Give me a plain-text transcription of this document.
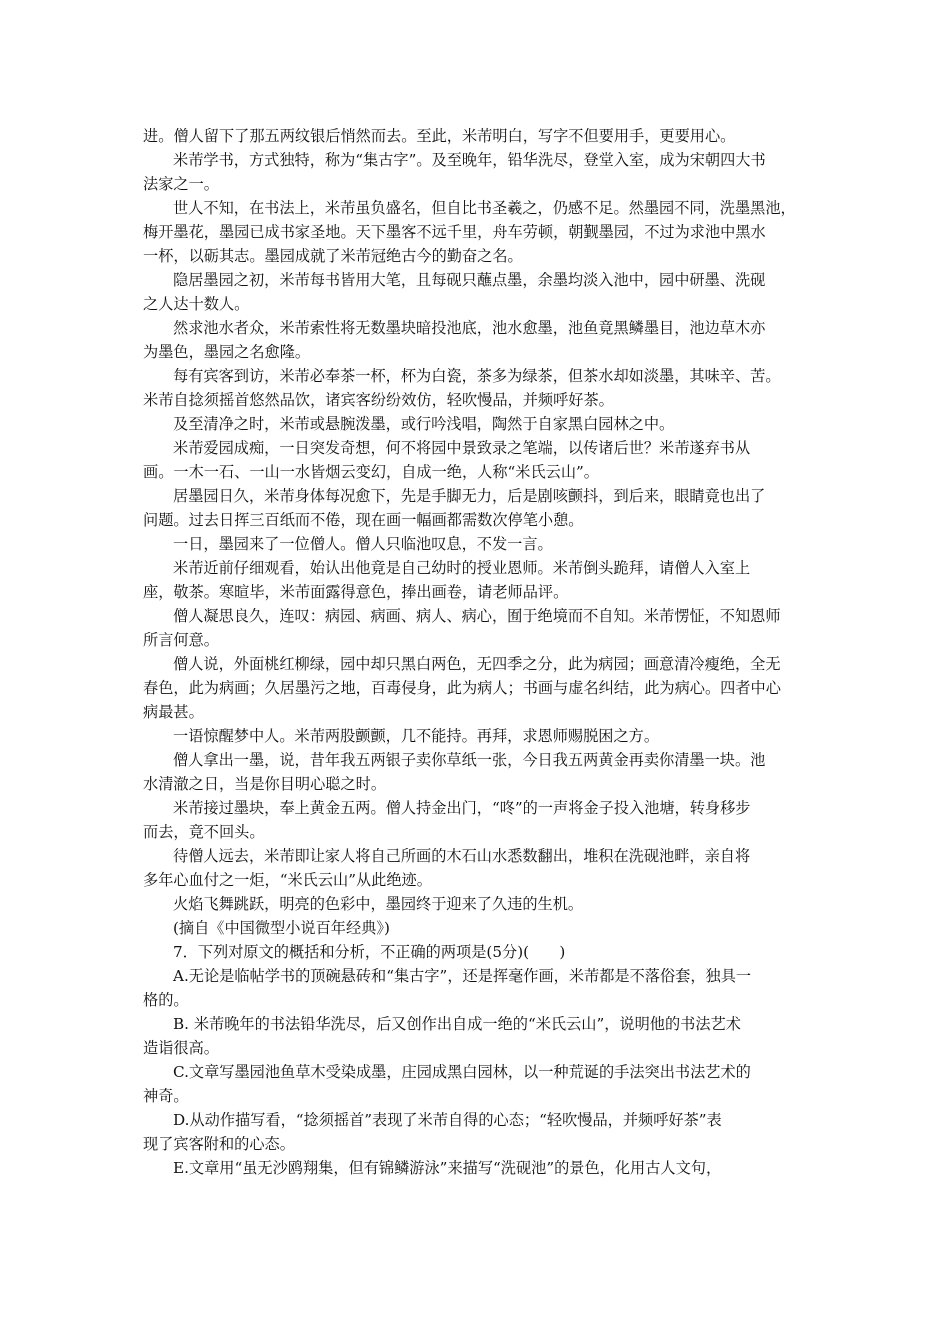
进。僧人留下了那五两纹银后悄然而去。至此，米芾明白，写字不但要用手，更要用心。
米芾学书，方式独特，称为“集古字”。及至晚年，铅华洗尽，登堂入室，成为宋朝四大书
法家之一。
世人不知，在书法上，米芾虽负盛名，但自比书圣羲之，仍感不足。然墨园不同，洗墨黑池，
梅开墨花，墨园已成书家圣地。天下墨客不远千里，舟车劳顿，朝觐墨园，不过为求池中黑水
一杯，以砺其志。墨园成就了米芾冠绝古今的勤奋之名。
隐居墨园之初，米芾每书皆用大笔，且每砚只蘸点墨，余墨均淡入池中，园中研墨、洗砚
之人达十数人。
然求池水者众，米芾索性将无数墨块暗投池底，池水愈墨，池鱼竟黑鳞墨目，池边草木亦
为墨色，墨园之名愈隆。
每有宾客到访，米芾必奉茶一杯，杯为白瓷，茶多为绿茶，但茶水却如淡墨，其味辛、苦。
米芾自捻须摇首悠然品饮，诸宾客纷纷效仿，轻吹慢品，并频呼好茶。
及至清净之时，米芾或悬腕泼墨，或行吟浅唱，陶然于自家黑白园林之中。
米芾爱园成痴，一日突发奇想，何不将园中景致录之笔端，以传诸后世？米芾遂弃书从
画。一木一石、一山一水皆烟云变幻，自成一绝，人称“米氏云山”。
居墨园日久，米芾身体每况愈下，先是手脚无力，后是剧咳颤抖，到后来，眼睛竟也出了
问题。过去日挥三百纸而不倦，现在画一幅画都需数次停笔小憩。
一日，墨园来了一位僧人。僧人只临池叹息，不发一言。
米芾近前仔细观看，始认出他竟是自己幼时的授业恩师。米芾倒头跪拜，请僧人入室上
座，敬茶。寒暄毕，米芾面露得意色，捧出画卷，请老师品评。
僧人凝思良久，连叹：病园、病画、病人、病心，囿于绝境而不自知。米芾愣怔，不知恩师
所言何意。
僧人说，外面桃红柳绿，园中却只黑白两色，无四季之分，此为病园；画意清冷瘦绝，全无
春色，此为病画；久居墨污之地，百毒侵身，此为病人；书画与虚名纠结，此为病心。四者中心
病最甚。
一语惊醒梦中人。米芾两股颤颤，几不能持。再拜，求恩师赐脱困之方。
僧人拿出一墨，说，昔年我五两银子卖你草纸一张，今日我五两黄金再卖你清墨一块。池
水清澈之日，当是你目明心聪之时。
米芾接过墨块，奉上黄金五两。僧人持金出门，“咚”的一声将金子投入池塘，转身移步
而去，竟不回头。
待僧人远去，米芾即让家人将自己所画的木石山水悉数翻出，堆积在洗砚池畔，亲自将
多年心血付之一炬，“米氏云山”从此绝迹。
火焰飞舞跳跃，明亮的色彩中，墨园终于迎来了久违的生机。
(摘自《中国微型小说百年经典》)
7．下列对原文的概括和分析，不正确的两项是(5分)(　　)
A.无论是临帖学书的顶碗悬砖和“集古字”，还是挥毫作画，米芾都是不落俗套，独具一
格的。
B. 米芾晚年的书法铅华洗尽，后又创作出自成一绝的“米氏云山”，说明他的书法艺术
造诣很高。
C.文章写墨园池鱼草木受染成墨，庄园成黑白园林，以一种荒诞的手法突出书法艺术的
神奇。
D.从动作描写看，“捻须摇首”表现了米芾自得的心态；“轻吹慢品，并频呼好茶”表
现了宾客附和的心态。
E.文章用“虽无沙鸥翔集，但有锦鳞游泳”来描写“洗砚池”的景色，化用古人文句，
